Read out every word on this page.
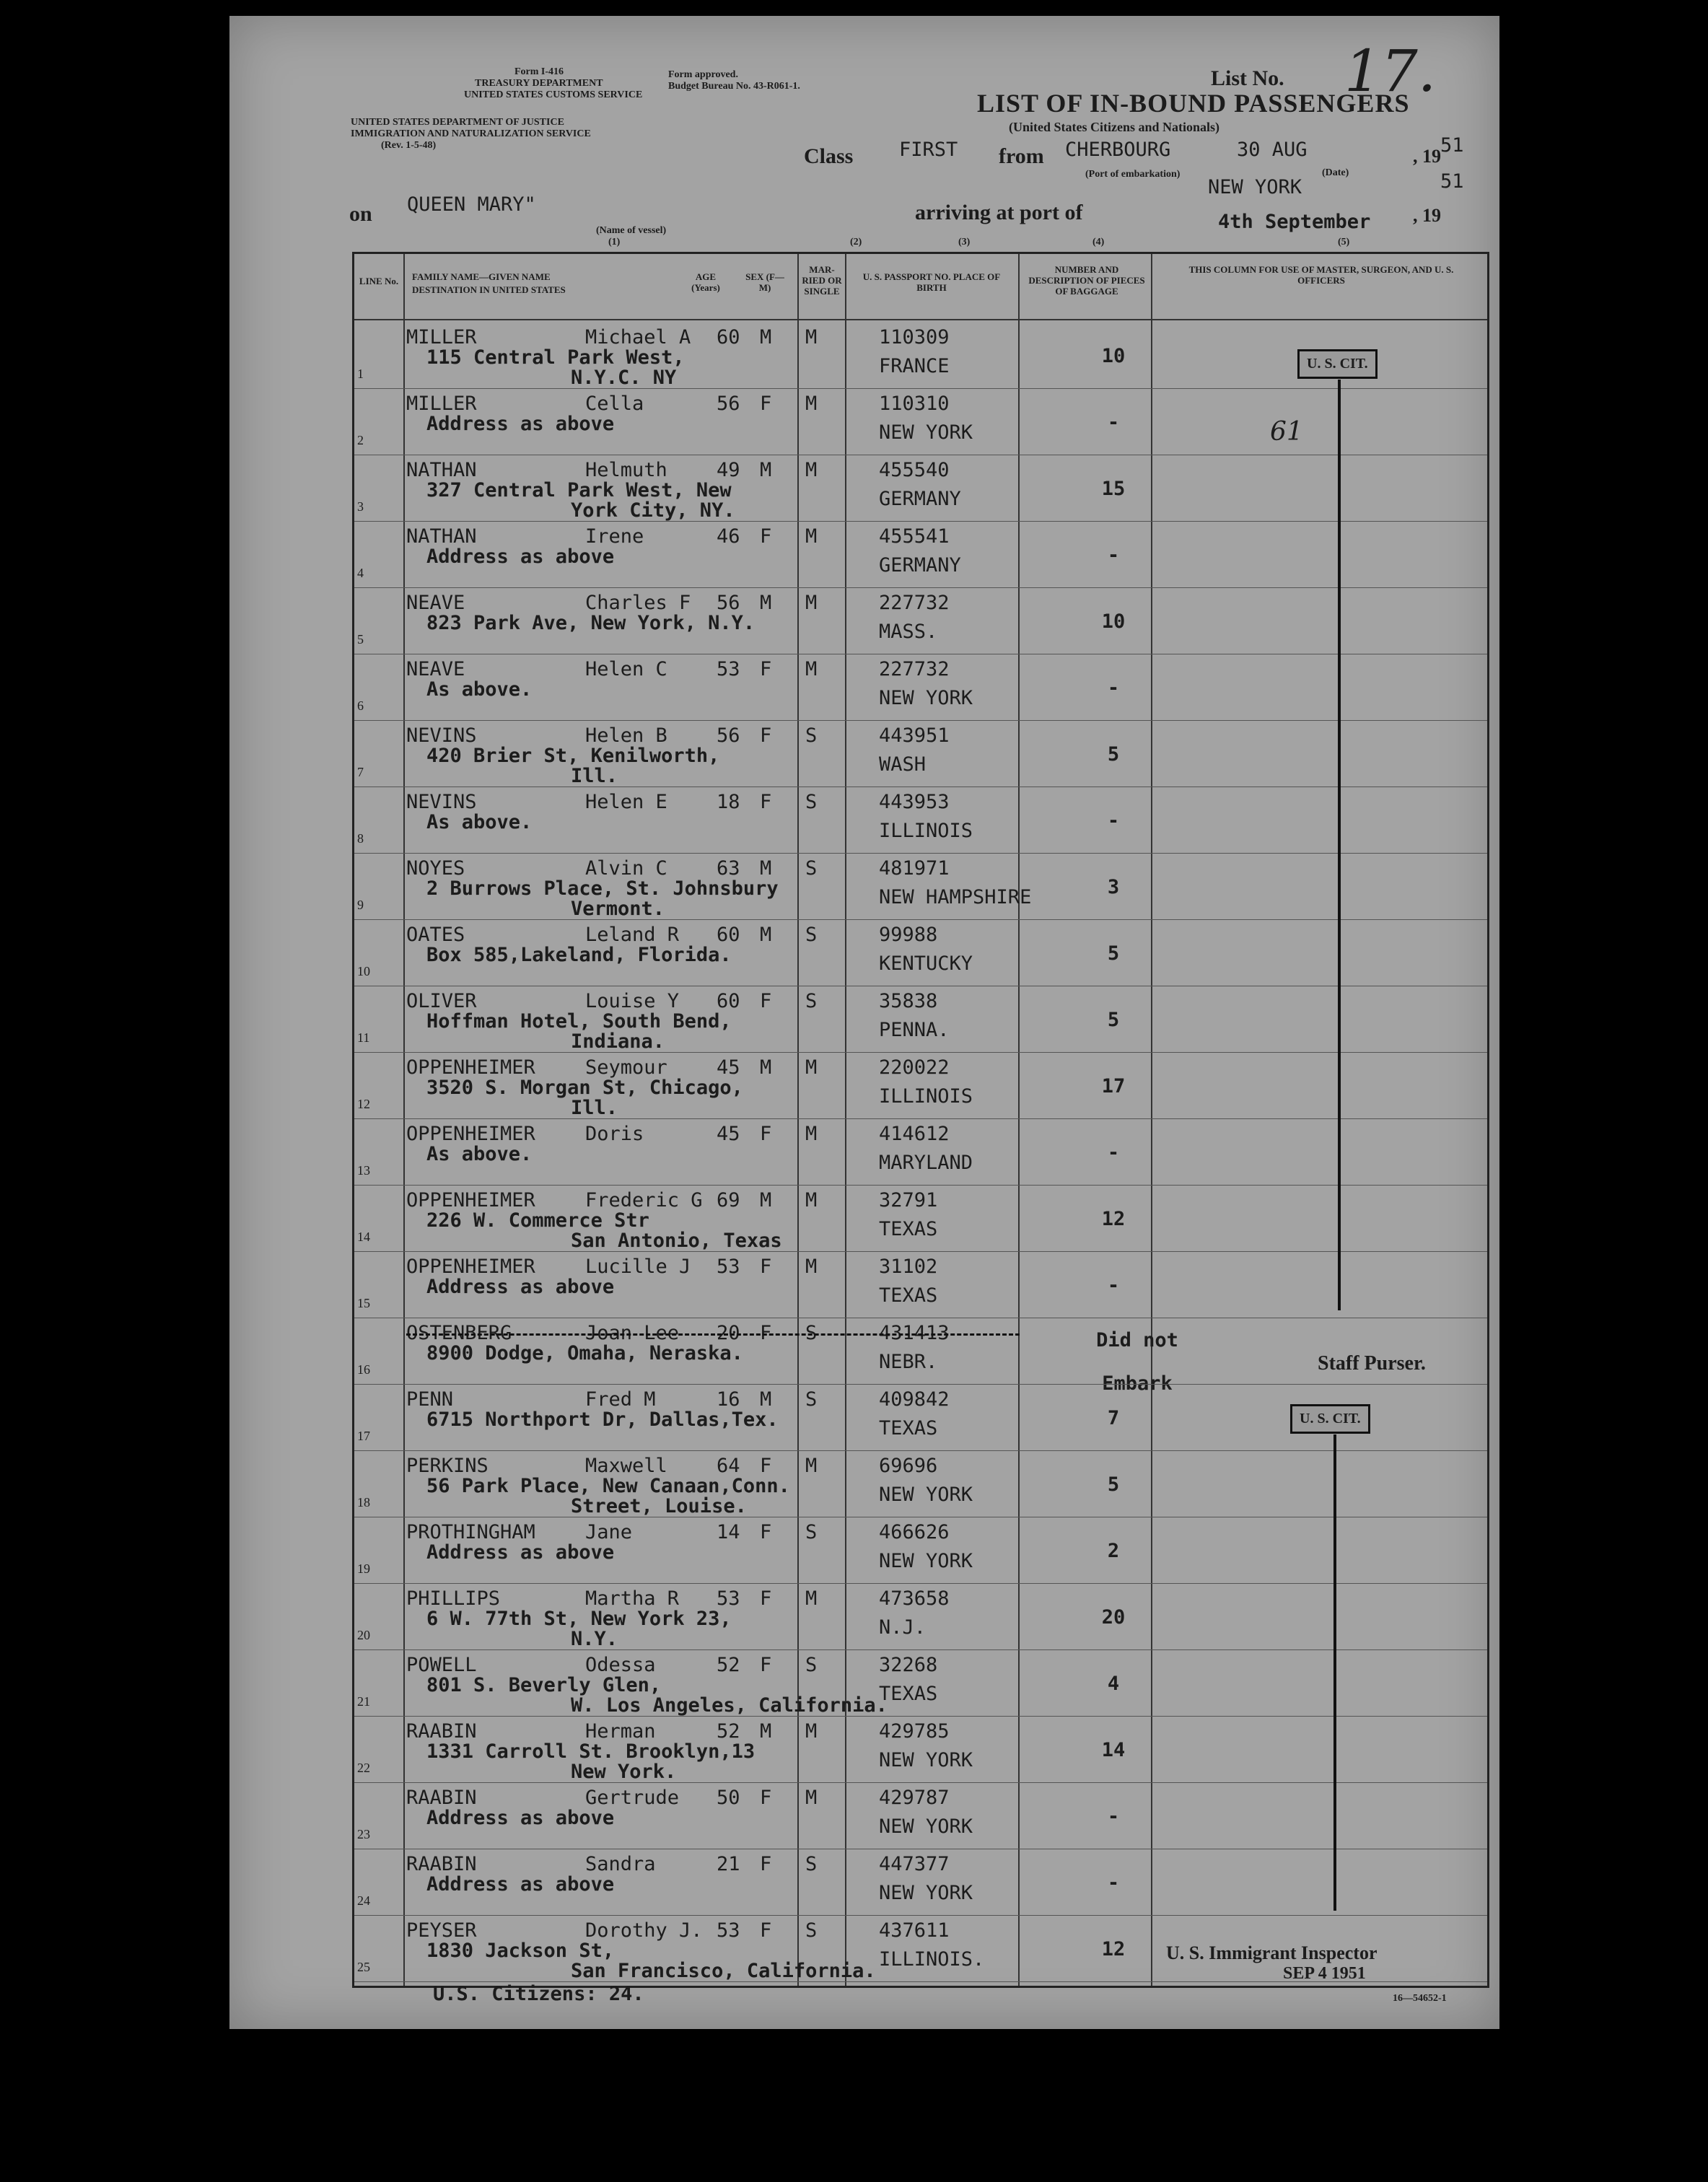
Form I-416
TREASURY DEPARTMENT
UNITED STATES CUSTOMS SERVICE
UNITED STATES DEPARTMENT OF JUSTICE
IMMIGRATION AND NATURALIZATION SERVICE
(Rev. 1-5-48)
Form approved.
Budget Bureau No. 43-R061-1.	List No. 17.
LIST OF IN-BOUND PASSENGERS
(United States Citizens and Nationals)
Class FIRST from CHERBOURG
(Port of embarkation)
30 AUG
(Date)
, 19 51
on QUEEN MARY"
(Name of vessel)
arriving at port of
NEW YORK
4th September , 19
51
(1)	(2)	(3)	(4)	(5)
LINE No. FAMILY NAME—GIVEN NAME
DESTINATION IN UNITED STATES
AGE (Years)
SEX (F—M)
MAR-RIED OR SINGLE
U. S. PASSPORT NO. PLACE OF BIRTH
NUMBER AND DESCRIPTION OF PIECES OF BAGGAGE
THIS COLUMN FOR USE OF MASTER, SURGEON, AND U. S. OFFICERS
1
MILLER	Michael A 60 M M	110309
FRANCE
115 Central Park West,
N.Y.C. NY
10
2
MILLER	Cella	56 F M	110310
NEW YORK
Address as above	-
3
NATHAN	Helmuth	49 M M	455540
GERMANY
327 Central Park West, New
York City, NY.
15
4
NATHAN	Irene	46 F M	455541
GERMANY
Address as above	-
5
NEAVE	Charles F 56 M M	227732
MASS.
823 Park Ave, New York, N.Y.	10
6
NEAVE	Helen C	53 F M	227732
NEW YORK
As above.	-
7
NEVINS	Helen B	56 F S	443951
WASH
420 Brier St, Kenilworth,
Ill.
5
8
NEVINS	Helen E	18 F S	443953
ILLINOIS
As above.	-
9
NOYES	Alvin C	63 M S	481971
NEW HAMPSHIRE
2 Burrows Place, St. Johnsbury
Vermont.
3
10
OATES	Leland R 60 M S	99988
KENTUCKY
Box 585,Lakeland, Florida.	5
11
OLIVER	Louise Y 60 F S	35838
PENNA.
Hoffman Hotel, South Bend,
Indiana.
5
12
OPPENHEIMER	Seymour	45 M M	220022
ILLINOIS
3520 S. Morgan St, Chicago,
Ill.
17
13
OPPENHEIMER	Doris	45 F M	414612
MARYLAND
As above.	-
14
OPPENHEIMER	Frederic G 69 M M	32791
TEXAS
226 W. Commerce Str
San Antonio, Texas
12
15
OPPENHEIMER	Lucille J 53 F M	31102
TEXAS
Address as above	-
16
OSTENBERG	Joan Lee 20 F S	431413
NEBR.
8900 Dodge, Omaha, Neraska.
Did not Embark
17
PENN	Fred M	16 M S	409842
TEXAS
6715 Northport Dr, Dallas,Tex.	7
18
PERKINS	Maxwell	64 F M	69696
NEW YORK
56 Park Place, New Canaan,Conn.
Street, Louise.
5
19
PROTHINGHAM	Jane	14 F S	466626
NEW YORK
Address as above	2
20
PHILLIPS	Martha R 53 F M	473658
N.J.
6 W. 77th St, New York 23,
N.Y.
20
21
POWELL	Odessa	52 F S	32268
TEXAS
801 S. Beverly Glen,
W. Los Angeles, California.
4
22
RAABIN	Herman	52 M M	429785
NEW YORK
1331 Carroll St. Brooklyn,13
New York.
14
23
RAABIN	Gertrude 50 F M	429787
NEW YORK
Address as above	-
24
RAABIN	Sandra	21 F S	447377
NEW YORK
Address as above	-
25
PEYSER	Dorothy J. 53 F S	437611
ILLINOIS.
1830 Jackson St,
San Francisco, California.
12
U. S. CIT.
61
Staff Purser.
U. S. CIT.
U. S. Immigrant Inspector
SEP 4 1951
U.S. Citizens: 24.	16—54652-1
